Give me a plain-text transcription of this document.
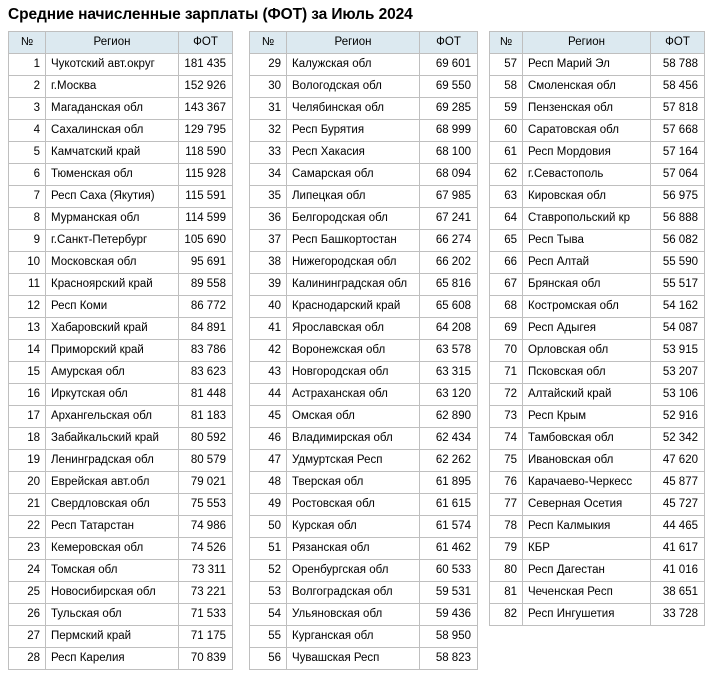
Средние начисленные зарплаты (ФОТ) за Июль 2024
№	Регион	ФОТ
1	Чукотский авт.округ	181 435
2	г.Москва	152 926
3	Магаданская обл	143 367
4	Сахалинская обл	129 795
5	Камчатский край	118 590
6	Тюменская обл	115 928
7	Респ Саха (Якутия)	115 591
8	Мурманская обл	114 599
9	г.Санкт-Петербург	105 690
10	Московская обл	95 691
11	Красноярский край	89 558
12	Респ Коми	86 772
13	Хабаровский край	84 891
14	Приморский край	83 786
15	Амурская обл	83 623
16	Иркутская обл	81 448
17	Архангельская обл	81 183
18	Забайкальский край	80 592
19	Ленинградская обл	80 579
20	Еврейская авт.обл	79 021
21	Свердловская обл	75 553
22	Респ Татарстан	74 986
23	Кемеровская обл	74 526
24	Томская обл	73 311
25	Новосибирская обл	73 221
26	Тульская обл	71 533
27	Пермский край	71 175
28	Респ Карелия	70 839
№	Регион	ФОТ
29	Калужская обл	69 601
30	Вологодская обл	69 550
31	Челябинская обл	69 285
32	Респ Бурятия	68 999
33	Респ Хакасия	68 100
34	Самарская обл	68 094
35	Липецкая обл	67 985
36	Белгородская обл	67 241
37	Респ Башкортостан	66 274
38	Нижегородская обл	66 202
39	Калининградская обл	65 816
40	Краснодарский край	65 608
41	Ярославская обл	64 208
42	Воронежская обл	63 578
43	Новгородская обл	63 315
44	Астраханская обл	63 120
45	Омская обл	62 890
46	Владимирская обл	62 434
47	Удмуртская Респ	62 262
48	Тверская обл	61 895
49	Ростовская обл	61 615
50	Курская обл	61 574
51	Рязанская обл	61 462
52	Оренбургская обл	60 533
53	Волгоградская обл	59 531
54	Ульяновская обл	59 436
55	Курганская обл	58 950
56	Чувашская Респ	58 823
№	Регион	ФОТ
57	Респ Марий Эл	58 788
58	Смоленская обл	58 456
59	Пензенская обл	57 818
60	Саратовская обл	57 668
61	Респ Мордовия	57 164
62	г.Севастополь	57 064
63	Кировская обл	56 975
64	Ставропольский кр	56 888
65	Респ Тыва	56 082
66	Респ Алтай	55 590
67	Брянская обл	55 517
68	Костромская обл	54 162
69	Респ Адыгея	54 087
70	Орловская обл	53 915
71	Псковская обл	53 207
72	Алтайский край	53 106
73	Респ Крым	52 916
74	Тамбовская обл	52 342
75	Ивановская обл	47 620
76	Карачаево-Черкесс	45 877
77	Северная Осетия	45 727
78	Респ Калмыкия	44 465
79	КБР	41 617
80	Респ Дагестан	41 016
81	Чеченская Респ	38 651
82	Респ Ингушетия	33 728
